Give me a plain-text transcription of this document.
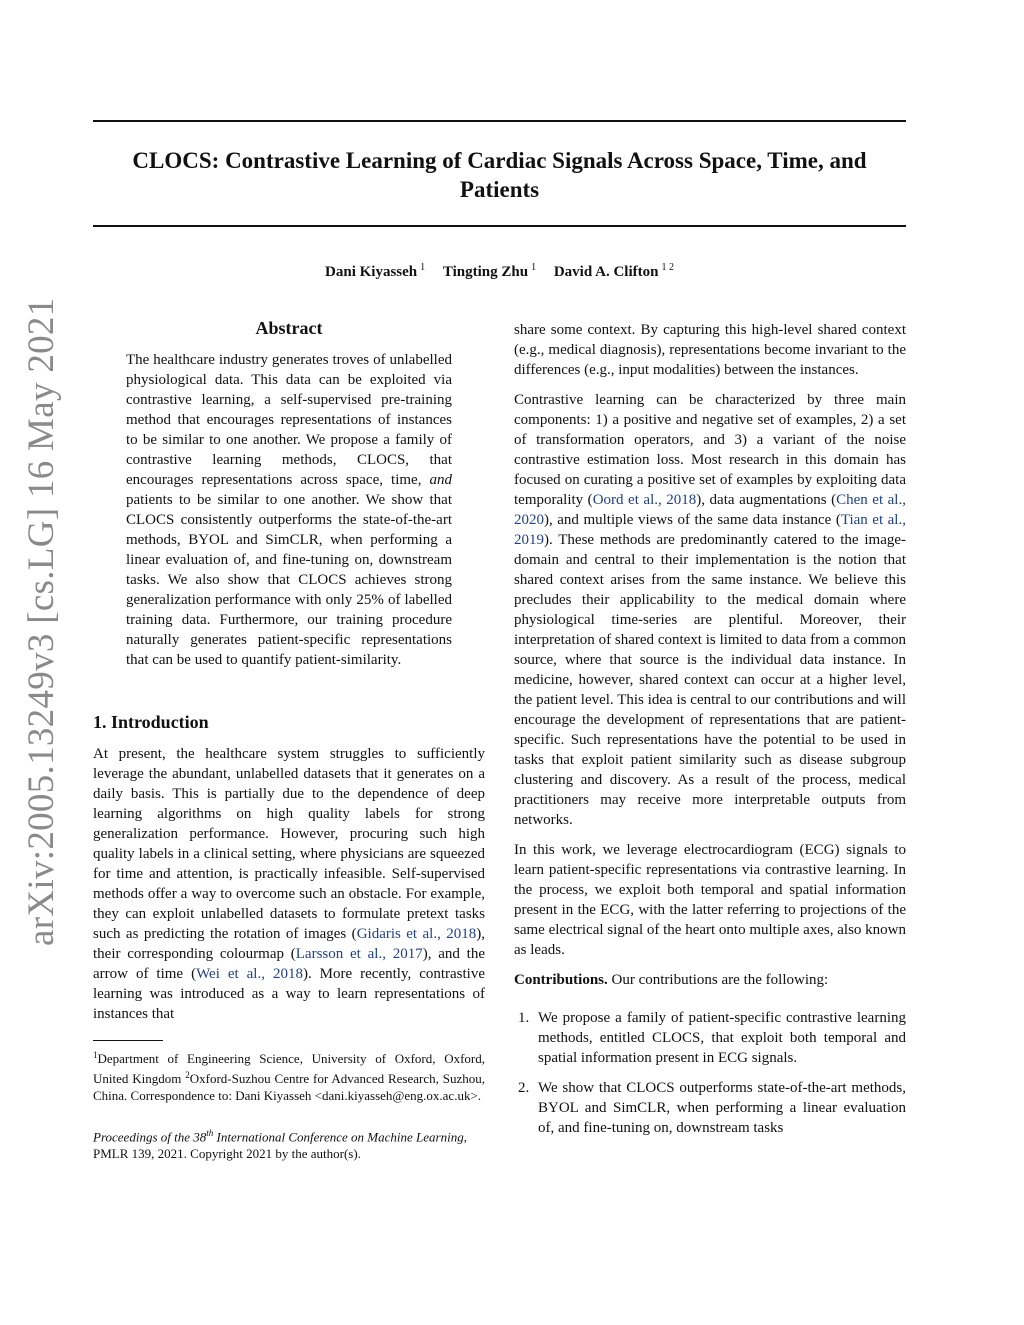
arXiv:2005.13249v3 [cs.LG] 16 May 2021
CLOCS: Contrastive Learning of Cardiac Signals Across Space, Time, and
Patients
Dani Kiyasseh $^1$ Tingting Zhu $^1$ David A. Clifton $^{1 2}$
Abstract

The healthcare industry generates troves of unlabelled physiological data. This data can be exploited via contrastive learning, a self-supervised pre-training method that encourages representations of instances to be similar to one another. We propose a family of contrastive learning methods, CLOCS, that encourages representations across space, time, and patients to be similar to one another. We show that CLOCS consistently outperforms the state-of-the-art methods, BYOL and SimCLR, when performing a linear evaluation of, and fine-tuning on, downstream tasks. We also show that CLOCS achieves strong generalization performance with only 25% of labelled training data. Furthermore, our training procedure naturally generates patient-specific representations that can be used to quantify patient-similarity.

1. Introduction

At present, the healthcare system struggles to sufficiently leverage the abundant, unlabelled datasets that it generates on a daily basis. This is partially due to the dependence of deep learning algorithms on high quality labels for strong generalization performance. However, procuring such high quality labels in a clinical setting, where physicians are squeezed for time and attention, is practically infeasible. Self-supervised methods offer a way to overcome such an obstacle. For example, they can exploit unlabelled datasets to formulate pretext tasks such as predicting the rotation of images (Gidaris et al., 2018), their corresponding colourmap (Larsson et al., 2017), and the arrow of time (Wei et al., 2018). More recently, contrastive learning was introduced as a way to learn representations of instances that

$^1$Department of Engineering Science, University of Oxford, Oxford, United Kingdom $^2$Oxford-Suzhou Centre for Advanced Research, Suzhou, China. Correspondence to: Dani Kiyasseh <dani.kiyasseh@eng.ox.ac.uk>.

Proceedings of the 38th International Conference on Machine Learning, PMLR 139, 2021. Copyright 2021 by the author(s).

share some context. By capturing this high-level shared context (e.g., medical diagnosis), representations become invariant to the differences (e.g., input modalities) between the instances.

Contrastive learning can be characterized by three main components: 1) a positive and negative set of examples, 2) a set of transformation operators, and 3) a variant of the noise contrastive estimation loss. Most research in this domain has focused on curating a positive set of examples by exploiting data temporality (Oord et al., 2018), data augmentations (Chen et al., 2020), and multiple views of the same data instance (Tian et al., 2019). These methods are predominantly catered to the image-domain and central to their implementation is the notion that shared context arises from the same instance. We believe this precludes their applicability to the medical domain where physiological time-series are plentiful. Moreover, their interpretation of shared context is limited to data from a common source, where that source is the individual data instance. In medicine, however, shared context can occur at a higher level, the patient level. This idea is central to our contributions and will encourage the development of representations that are patient-specific. Such representations have the potential to be used in tasks that exploit patient similarity such as disease subgroup clustering and discovery. As a result of the process, medical practitioners may receive more interpretable outputs from networks.

In this work, we leverage electrocardiogram (ECG) signals to learn patient-specific representations via contrastive learning. In the process, we exploit both temporal and spatial information present in the ECG, with the latter referring to projections of the same electrical signal of the heart onto multiple axes, also known as leads.

Contributions. Our contributions are the following:

1. We propose a family of patient-specific contrastive learning methods, entitled CLOCS, that exploit both temporal and spatial information present in ECG signals.
2. We show that CLOCS outperforms state-of-the-art methods, BYOL and SimCLR, when performing a linear evaluation of, and fine-tuning on, downstream tasks
